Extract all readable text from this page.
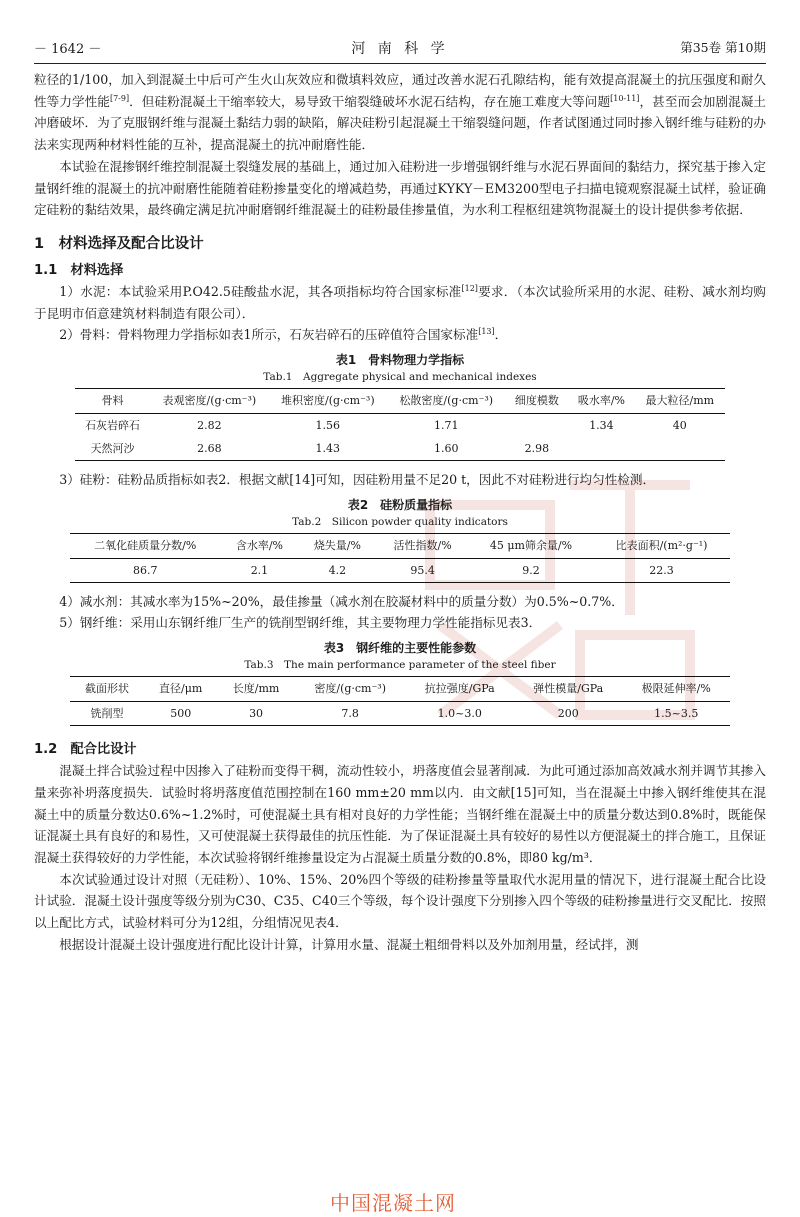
－ 1642 －	河 南 科 学	第35卷 第10期

粒径的1/100，加入到混凝土中后可产生火山灰效应和微填料效应，通过改善水泥石孔隙结构，能有效提高混凝土的抗压强度和耐久性等力学性能[7-9]．但硅粉混凝土干缩率较大，易导致干缩裂缝破坏水泥石结构，存在施工难度大等问题[10-11]，甚至而会加剧混凝土冲磨破坏．为了克服钢纤维与混凝土黏结力弱的缺陷，解决硅粉引起混凝土干缩裂缝问题，作者试图通过同时掺入钢纤维与硅粉的办法来实现两种材料性能的互补，提高混凝土的抗冲耐磨性能．

本试验在混掺钢纤维控制混凝土裂缝发展的基础上，通过加入硅粉进一步增强钢纤维与水泥石界面间的黏结力，探究基于掺入定量钢纤维的混凝土的抗冲耐磨性能随着硅粉掺量变化的增减趋势，再通过KYKY－EM3200型电子扫描电镜观察混凝土试样，验证确定硅粉的黏结效果，最终确定满足抗冲耐磨钢纤维混凝土的硅粉最佳掺量值，为水利工程枢纽建筑物混凝土的设计提供参考依据．

1　材料选择及配合比设计
1.1　材料选择

1）水泥：本试验采用P.O42.5硅酸盐水泥，其各项指标均符合国家标准[12]要求．（本次试验所采用的水泥、硅粉、减水剂均购于昆明市佰意建筑材料制造有限公司）．

2）骨料：骨料物理力学指标如表1所示，石灰岩碎石的压碎值符合国家标准[13]．

表1　骨料物理力学指标

Tab.1　Aggregate physical and mechanical indexes

骨料	表观密度/(g·cm⁻³)	堆积密度/(g·cm⁻³)	松散密度/(g·cm⁻³)	细度模数	吸水率/%	最大粒径/mm
石灰岩碎石	2.82	1.56	1.71		1.34	40
天然河沙	2.68	1.43	1.60	2.98		

3）硅粉：硅粉品质指标如表2．根据文献[14]可知，因硅粉用量不足20 t，因此不对硅粉进行均匀性检测．

表2　硅粉质量指标

Tab.2　Silicon powder quality indicators

二氧化硅质量分数/%	含水率/%	烧失量/%	活性指数/%	45 μm筛余量/%	比表面积/(m²·g⁻¹)
86.7	2.1	4.2	95.4	9.2	22.3

4）减水剂：其减水率为15%~20%，最佳掺量（减水剂在胶凝材料中的质量分数）为0.5%~0.7%．

5）钢纤维：采用山东钢纤维厂生产的铣削型钢纤维，其主要物理力学性能指标见表3．

表3　钢纤维的主要性能参数

Tab.3　The main performance parameter of the steel fiber

截面形状	直径/μm	长度/mm	密度/(g·cm⁻³)	抗拉强度/GPa	弹性模量/GPa	极限延伸率/%
铣削型	500	30	7.8	1.0~3.0	200	1.5~3.5
1.2　配合比设计

混凝土拌合试验过程中因掺入了硅粉而变得干稠，流动性较小，坍落度值会显著削减．为此可通过添加高效减水剂并调节其掺入量来弥补坍落度损失．试验时将坍落度值范围控制在160 mm±20 mm以内．由文献[15]可知，当在混凝土中掺入钢纤维使其在混凝土中的质量分数达0.6%~1.2%时，可使混凝土具有相对良好的力学性能；当钢纤维在混凝土中的质量分数达到0.8%时，既能保证混凝土具有良好的和易性，又可使混凝土获得最佳的抗压性能．为了保证混凝土具有较好的易性以方便混凝土的拌合施工，且保证混凝土获得较好的力学性能，本次试验将钢纤维掺量设定为占混凝土质量分数的0.8%，即80 kg/m³．

本次试验通过设计对照（无硅粉）、10%、15%、20%四个等级的硅粉掺量等量取代水泥用量的情况下，进行混凝土配合比设计试验．混凝土设计强度等级分别为C30、C35、C40三个等级，每个设计强度下分别掺入四个等级的硅粉掺量进行交叉配比．按照以上配比方式，试验材料可分为12组，分组情况见表4．

根据设计混凝土设计强度进行配比设计计算，计算用水量、混凝土粗细骨料以及外加剂用量，经试拌，测

中国混凝土网
